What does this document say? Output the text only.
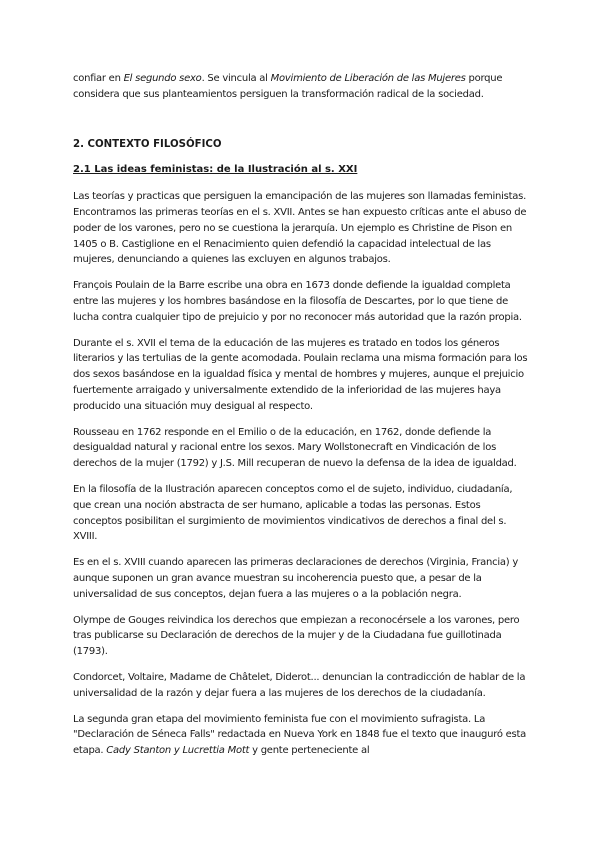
confiar en El segundo sexo. Se vincula al Movimiento de Liberación de las Mujeres porque considera que sus planteamientos persiguen la transformación radical de la sociedad.

2. CONTEXTO FILOSÓFICO
2.1 Las ideas feministas: de la Ilustración al s. XXI

Las teorías y practicas que persiguen la emancipación de las mujeres son llamadas feministas. Encontramos las primeras teorías en el s. XVII. Antes se han expuesto críticas ante el abuso de poder de los varones, pero no se cuestiona la jerarquía. Un ejemplo es Christine de Pison en 1405 o B. Castiglione en el Renacimiento quien defendió la capacidad intelectual de las mujeres, denunciando a quienes las excluyen en algunos trabajos.

François Poulain de la Barre escribe una obra en 1673 donde defiende la igualdad completa entre las mujeres y los hombres basándose en la filosofía de Descartes, por lo que tiene de lucha contra cualquier tipo de prejuicio y por no reconocer más autoridad que la razón propia.

Durante el s. XVII el tema de la educación de las mujeres es tratado en todos los géneros literarios y las tertulias de la gente acomodada. Poulain reclama una misma formación para los dos sexos basándose en la igualdad física y mental de hombres y mujeres, aunque el prejuicio fuertemente arraigado y universalmente extendido de la inferioridad de las mujeres haya producido una situación muy desigual al respecto.

Rousseau en 1762 responde en el Emilio o de la educación, en 1762, donde defiende la desigualdad natural y racional entre los sexos. Mary Wollstonecraft en Vindicación de los derechos de la mujer (1792) y J.S. Mill recuperan de nuevo la defensa de la idea de igualdad.

En la filosofía de la Ilustración aparecen conceptos como el de sujeto, individuo, ciudadanía, que crean una noción abstracta de ser humano, aplicable a todas las personas. Estos conceptos posibilitan el surgimiento de movimientos vindicativos de derechos a final del s. XVIII.

Es en el s. XVIII cuando aparecen las primeras declaraciones de derechos (Virginia, Francia) y aunque suponen un gran avance muestran su incoherencia puesto que, a pesar de la universalidad de sus conceptos, dejan fuera a las mujeres o a la población negra.

Olympe de Gouges reivindica los derechos que empiezan a reconocérsele a los varones, pero tras publicarse su Declaración de derechos de la mujer y de la Ciudadana fue guillotinada (1793).

Condorcet, Voltaire, Madame de Châtelet, Diderot... denuncian la contradicción de hablar de la universalidad de la razón y dejar fuera a las mujeres de los derechos de la ciudadanía.

La segunda gran etapa del movimiento feminista fue con el movimiento sufragista. La "Declaración de Séneca Falls" redactada en Nueva York en 1848 fue el texto que inauguró esta etapa. Cady Stanton y Lucrettia Mott y gente perteneciente al
